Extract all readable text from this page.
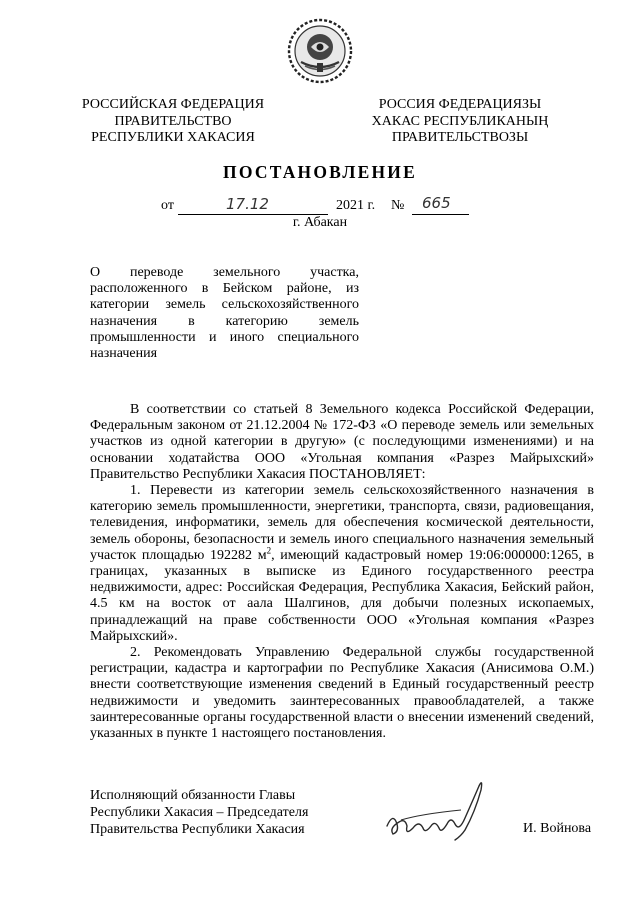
РОССИЙСКАЯ ФЕДЕРАЦИЯ
ПРАВИТЕЛЬСТВО
РЕСПУБЛИКИ ХАКАСИЯ
РОССИЯ ФЕДЕРАЦИЯЗЫ
ХАКАС РЕСПУБЛИКАНЫҢ
ПРАВИТЕЛЬСТВОЗЫ
ПОСТАНОВЛЕНИЕ
от	17.12	2021 г. № 665
г. Абакан
О переводе земельного участка,
расположенного в Бейском районе, из
категории земель сельскохозяйственного
назначения в категорию земель
промышленности и иного специального
назначения

В соответствии со статьей 8 Земельного кодекса Российской Федерации, Федеральным законом от 21.12.2004 № 172-ФЗ «О переводе земель или земельных участков из одной категории в другую» (с последующими изменениями) и на основании ходатайства ООО «Угольная компания «Разрез Майрыхский» Правительство Республики Хакасия ПОСТАНОВЛЯЕТ:

1. Перевести из категории земель сельскохозяйственного назначения в категорию земель промышленности, энергетики, транспорта, связи, радиовещания, телевидения, информатики, земель для обеспечения космической деятельности, земель обороны, безопасности и земель иного специального назначения земельный участок площадью 192282 $м^2$, имеющий кадастровый номер 19:06:000000:1265, в границах, указанных в выписке из Единого государственного реестра недвижимости, адрес: Российская Федерация, Республика Хакасия, Бейский район, 4.5 км на восток от аала Шалгинов, для добычи полезных ископаемых, принадлежащий на праве собственности ООО «Угольная компания «Разрез Майрыхский».

2. Рекомендовать Управлению Федеральной службы государственной регистрации, кадастра и картографии по Республике Хакасия (Анисимова О.М.) внести соответствующие изменения сведений в Единый государственный реестр недвижимости и уведомить заинтересованных правообладателей, а также заинтересованные органы государственной власти о внесении изменений сведений, указанных в пункте 1 настоящего постановления.

Исполняющий обязанности Главы
Республики Хакасия – Председателя
Правительства Республики Хакасия	И. Войнова
